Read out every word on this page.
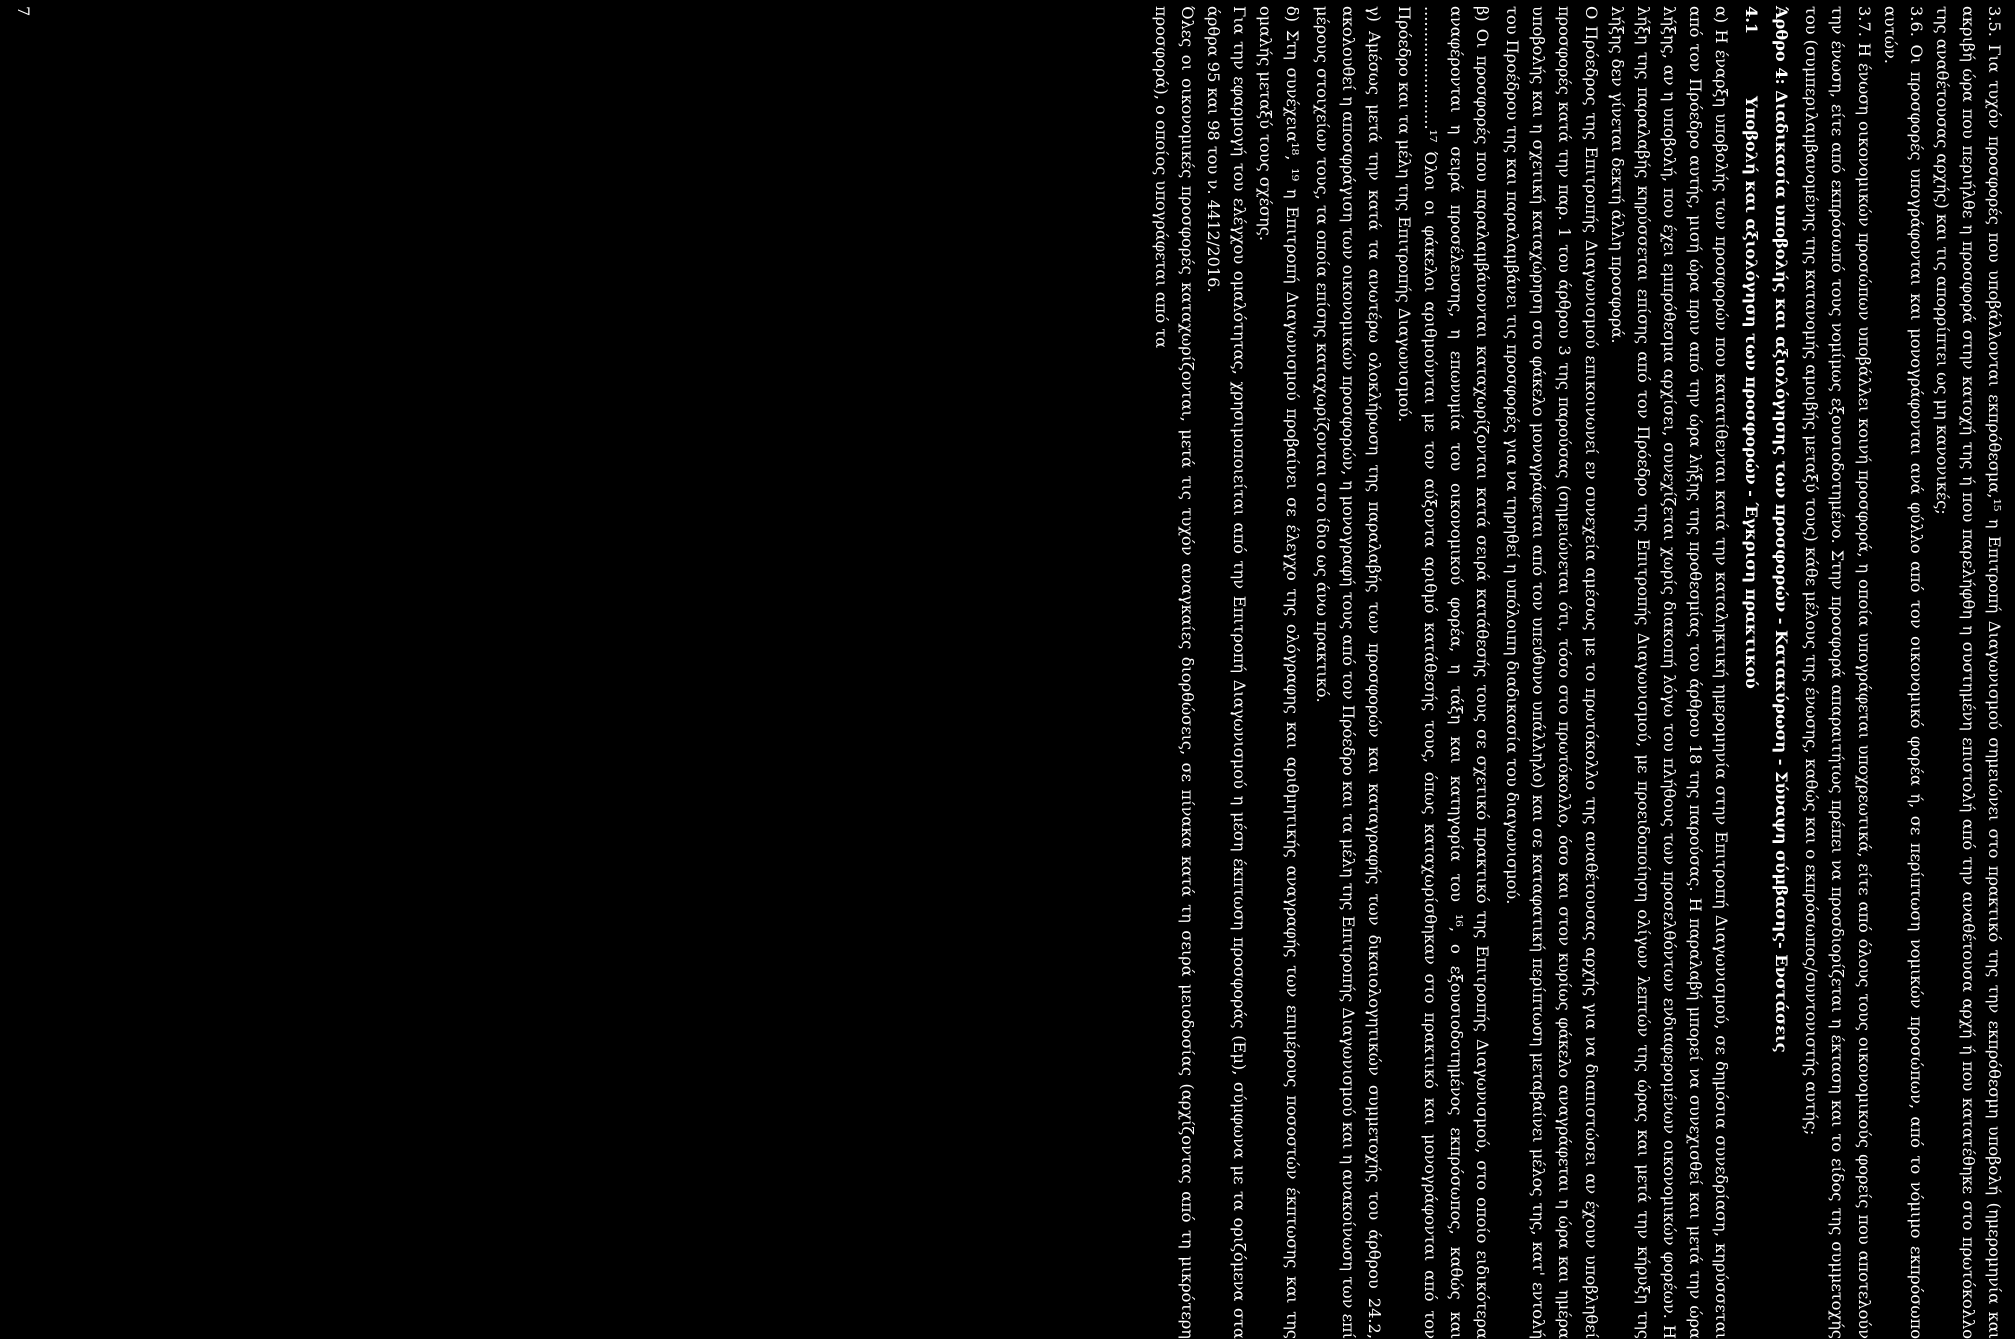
3.5. Για τυχόν προσφορές που υποβάλλονται εκπρόθεσμα,¹⁵ η Επιτροπή Διαγωνισμού σημειώνει στο πρακτικό της την εκπρόθεσμη υποβολή (ημερομηνία και ακριβή ώρα που περιήλθε η προσφορά στην κατοχή της ή που παρελήφθη η συστημένη επιστολή από την αναθέτουσα αρχή ή που κατατέθηκε στο πρωτόκολλο της αναθέτουσας αρχής) και τις απορρίπτει ως μη κανονικές;

3.6. Οι προσφορές υπογράφονται και μονογράφονται ανά φύλλο από τον οικονομικό φορέα ή, σε περίπτωση νομικών προσώπων, από το νόμιμο εκπρόσωπο αυτών.

3.7. Η ένωση οικονομικών προσώπων υποβάλλει κοινή προσφορά, η οποία υπογράφεται υποχρεωτικά, είτε από όλους τους οικονομικούς φορείς που αποτελούν την ένωση, είτε από εκπρόσωπό τους νομίμως εξουσιοδοτημένο. Στην προσφορά απαραιτήτως πρέπει να προσδιορίζεται η έκταση και το είδος της συμμετοχής του (συμπεριλαμβανομένης της κατανομής αμοιβής μεταξύ τους) κάθε μέλους της ένωσης, καθώς και ο εκπρόσωπος/συντονιστής αυτής;

Άρθρο 4: Διαδικασία υποβολής και αξιολόγησης των προσφορών - Κατακύρωση - Σύναψη σύμβασης- Ενστάσεις

4.1Υποβολή και αξιολόγηση των προσφορών - Έγκριση πρακτικού

α) Η έναρξη υποβολής των προσφορών που κατατίθενται κατά την καταληκτική ημερομηνία στην Επιτροπή Διαγωνισμού, σε δημόσια συνεδρίαση, κηρύσσεται από τον Πρόεδρο αυτής, μισή ώρα πριν από την ώρα λήξης της προθεσμίας του άρθρου 18 της παρούσας. Η παραλαβή μπορεί να συνεχισθεί και μετά την ώρα λήξης, αν η υποβολή, που έχει εμπρόθεσμα αρχίσει, συνεχίζεται χωρίς διακοπή λόγω του πλήθους των προσελθόντων ενδιαφερομένων οικονομικών φορέων. Η λήξη της παραλαβής κηρύσσεται επίσης από τον Πρόεδρο της Επιτροπής Διαγωνισμού, με προειδοποίηση ολίγων λεπτών της ώρας και μετά την κήρυξη της λήξης δεν γίνεται δεκτή άλλη προσφορά.

Ο Πρόεδρος της Επιτροπής Διαγωνισμού επικοινωνεί εν συνεχεία αμέσως με το πρωτόκολλο της αναθέτουσας αρχής για να διαπιστώσει αν έχουν υποβληθεί προσφορές κατά την παρ. 1 του άρθρου 3 της παρούσας (σημειώνεται ότι, τόσο στο πρωτόκολλο, όσο και στον κυρίως φάκελο αναγράφεται η ώρα και ημέρα υποβολής και η σχετική καταχώρηση στο φάκελο μονογράφεται από τον υπεύθυνο υπάλληλο) και σε καταφατική περίπτωση μεταβαίνει μέλος της, κατ' εντολή του Προέδρου της και παραλαμβάνει τις προσφορές για να τηρηθεί η υπόλοιπη διαδικασία του διαγωνισμού.

β) Οι προσφορές που παραλαμβάνονται καταχωρίζονται κατά σειρά κατάθεσής τους σε σχετικό πρακτικό της Επιτροπής Διαγωνισμού, στο οποίο ειδικότερα αναφέρονται η σειρά προσέλευσης, η επωνυμία του οικονομικού φορέα, η τάξη και κατηγορία του ¹⁶, ο εξουσιοδοτημένος εκπρόσωπος, καθώς και ........................¹⁷ Όλοι οι φάκελοι αριθμούνται με τον αύξοντα αριθμό κατάθεσής τους, όπως καταχωρίσθηκαν στο πρακτικό και μονογράφονται από τον Πρόεδρο και τα μέλη της Επιτροπής Διαγωνισμού.

γ) Αμέσως μετά την κατά τα ανωτέρω ολοκλήρωση της παραλαβής των προσφορών και καταγραφής των δικαιολογητικών συμμετοχής του άρθρου 24.2, ακολουθεί η αποσφράγιση των οικονομικών προσφορών, η μονογραφή τους από τον Πρόεδρο και τα μέλη της Επιτροπής Διαγωνισμού και η ανακοίνωση των επί μέρους στοιχείων τους, τα οποία επίσης καταχωρίζονται στο ίδιο ως άνω πρακτικό.

δ) Στη συνέχεια¹⁸, ¹⁹ η Επιτροπή Διαγωνισμού προβαίνει σε έλεγχο της ολόγραφης και αριθμητικής αναγραφής των επιμέρους ποσοστών έκπτωσης και της ομαλής μεταξύ τους σχέσης.

Για την εφαρμογή του ελέγχου ομαλότητας, χρησιμοποιείται από την Επιτροπή Διαγωνισμού η μέση έκπτωση προσφοράς (Εμ), σύμφωνα με τα οριζόμενα στα άρθρα 95 και 98 του ν. 4412/2016.

Όλες οι οικονομικές προσφορές καταχωρίζονται, μετά τις τυχόν αναγκαίες διορθώσεις, σε πίνακα κατά τη σειρά μειοδοσίας (αρχίζοντας από τη μικρότερη προσφορά), ο οποίος υπογράφεται από τα

7
